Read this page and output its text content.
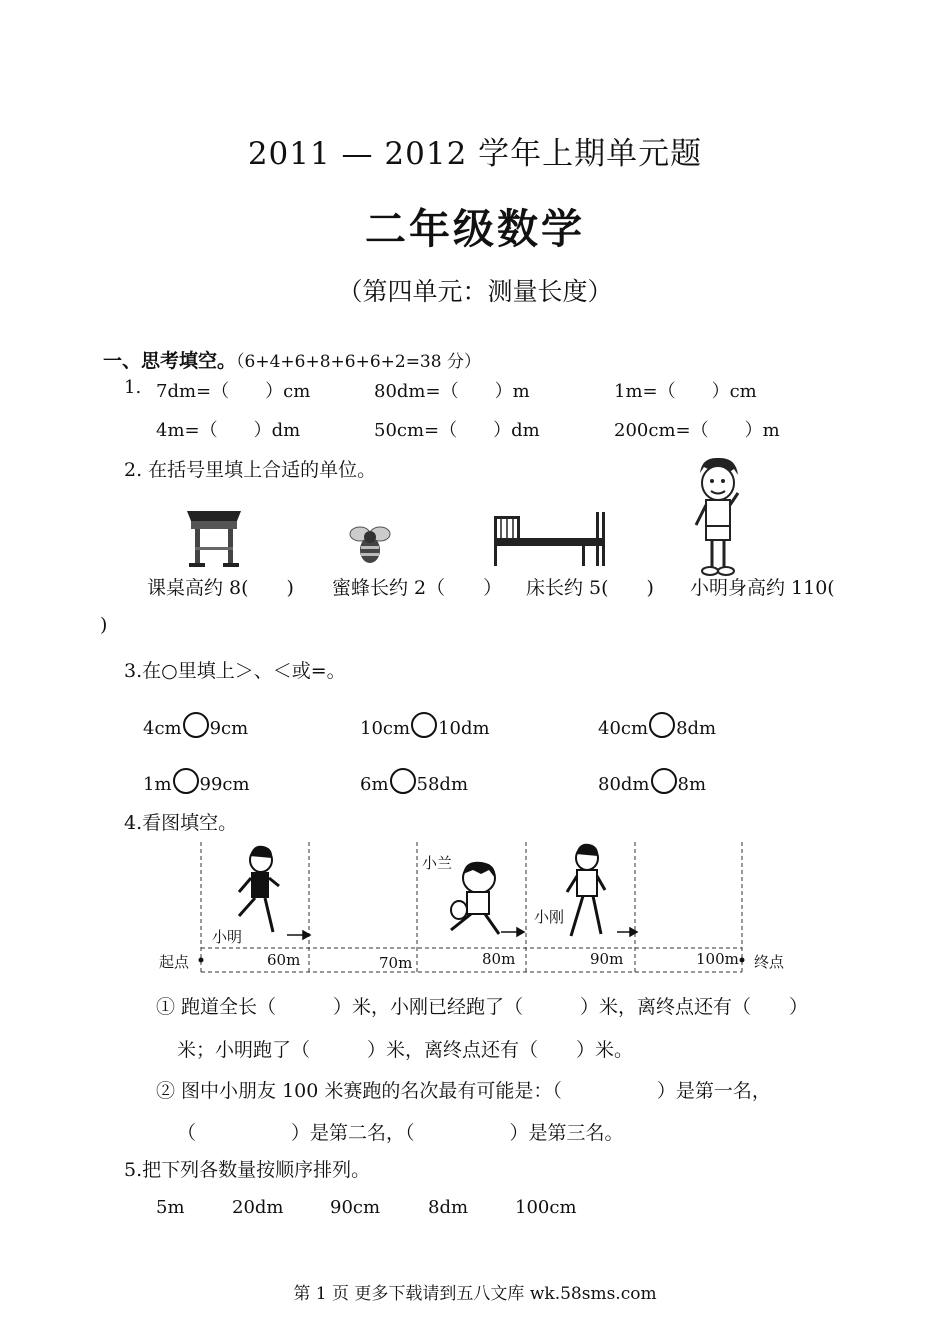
2011 — 2012 学年上期单元题
二年级数学
（第四单元：测量长度）
一、思考填空。（6+4+6+8+6+6+2=38 分）
1. 7dm=（　　）cm	80dm=（　　）m	1m=（　　）cm
4m=（　　）dm	50cm=（　　）dm	200cm=（　　）m
2. 在括号里填上合适的单位。
课桌高约 8(　　) 蜜蜂长约 2（　　） 床长约 5(　　) 小明身高约 110(
)
3.在○里填上＞、＜或=。
4cm 9cm	10cm 10dm	40cm 8dm
1m 99cm	6m 58dm	80dm 8m
4.看图填空。
起点	终点
60m	70m	80m	90m	100m
小明
小兰
小刚
① 跑道全长（　　　）米，小刚已经跑了（　　　）米，离终点还有（　　）
米；小明跑了（　　　）米，离终点还有（　　）米。
② 图中小朋友 100 米赛跑的名次最有可能是：（　　　　　）是第一名，
（　　　　　）是第二名，（　　　　　）是第三名。
5.把下列各数量按顺序排列。
5m	20dm	90cm	8dm	100cm
第 1 页 更多下载请到五八文库 wk.58sms.com
